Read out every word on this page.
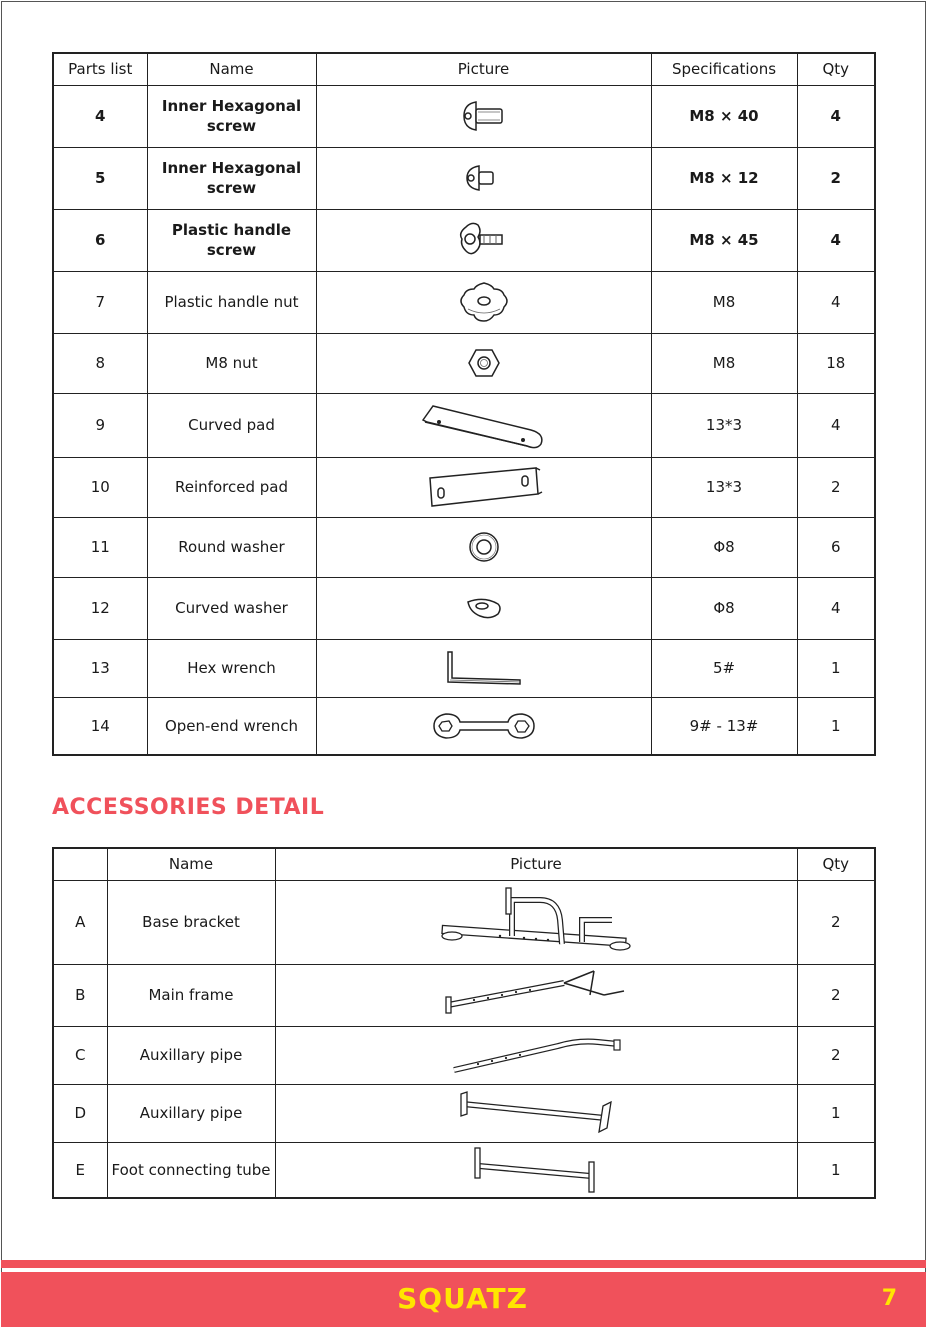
Parts list	Name	Picture	Specifications	Qty
4	Inner Hexagonal screw		M8 × 40	4
5	Inner Hexagonal screw		M8 × 12	2
6	Plastic handle screw		M8 × 45	4
7	Plastic handle nut		M8	4
8	M8 nut		M8	18
9	Curved pad		13*3	4
10	Reinforced pad		13*3	2
11	Round washer		Φ8	6
12	Curved washer		Φ8	4
13	Hex wrench		5#	1
14	Open-end wrench		9# - 13#	1
ACCESSORIES DETAIL
	Name	Picture	Qty
A	Base bracket		2
B	Main frame		2
C	Auxillary pipe		2
D	Auxillary pipe		1
E	Foot connecting tube		1
SQUATZ	7
